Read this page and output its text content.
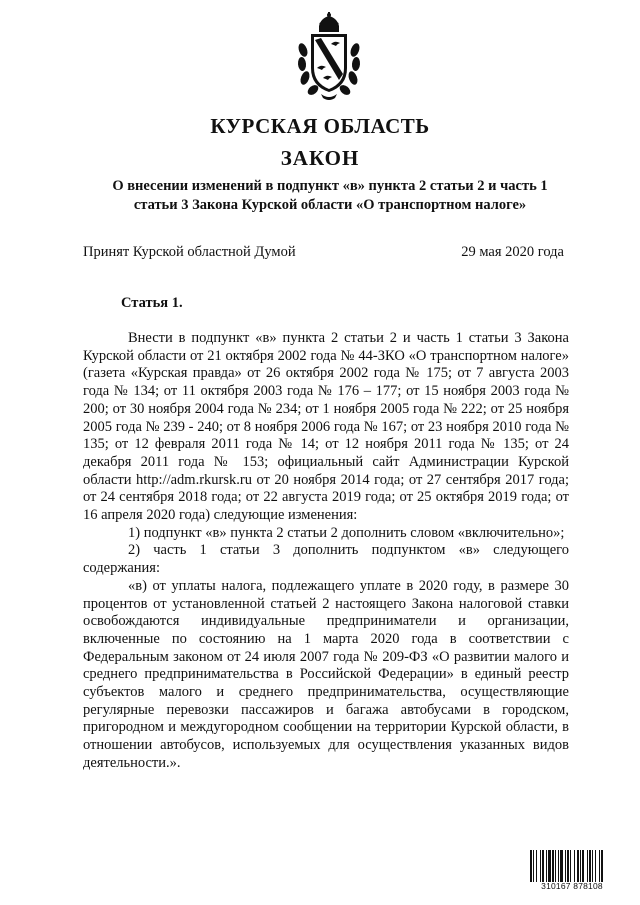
КУРСКАЯ ОБЛАСТЬ
ЗАКОН
О внесении изменений в подпункт «в» пункта 2 статьи 2 и часть 1
статьи 3 Закона Курской области «О транспортном налоге»
Принят Курской областной Думой	29 мая 2020 года
Статья 1.

Внести в подпункт «в» пункта 2 статьи 2 и часть 1 статьи 3 Закона Курской области от 21 октября 2002 года № 44-ЗКО «О транспортном налоге» (газета «Курская правда» от 26 октября 2002 года № 175; от 7 августа 2003 года № 134; от 11 октября 2003 года № 176 – 177; от 15 ноября 2003 года № 200; от 30 ноября 2004 года № 234; от 1 ноября 2005 года № 222; от 25 ноября 2005 года № 239 - 240; от 8 ноября 2006 года № 167; от 23 ноября 2010 года № 135; от 12 февраля 2011 года № 14; от 12 ноября 2011 года № 135; от 24 декабря 2011 года № 153; официальный сайт Администрации Курской области http://adm.rkursk.ru от 20 ноября 2014 года; от 27 сентября 2017 года; от 24 сентября 2018 года; от 22 августа 2019 года; от 25 октября 2019 года; от 16 апреля 2020 года) следующие изменения:

1) подпункт «в» пункта 2 статьи 2 дополнить словом «включительно»;

2) часть 1 статьи 3 дополнить подпунктом «в» следующего содержания:

«в) от уплаты налога, подлежащего уплате в 2020 году, в размере 30 процентов от установленной статьей 2 настоящего Закона налоговой ставки освобождаются индивидуальные предприниматели и организации, включенные по состоянию на 1 марта 2020 года в соответствии с Федеральным законом от 24 июля 2007 года № 209-ФЗ «О развитии малого и среднего предпринимательства в Российской Федерации» в единый реестр субъектов малого и среднего предпринимательства, осуществляющие регулярные перевозки пассажиров и багажа автобусами в городском, пригородном и междугородном сообщении на территории Курской области, в отношении автобусов, используемых для осуществления указанных видов деятельности.».

310167 878108
